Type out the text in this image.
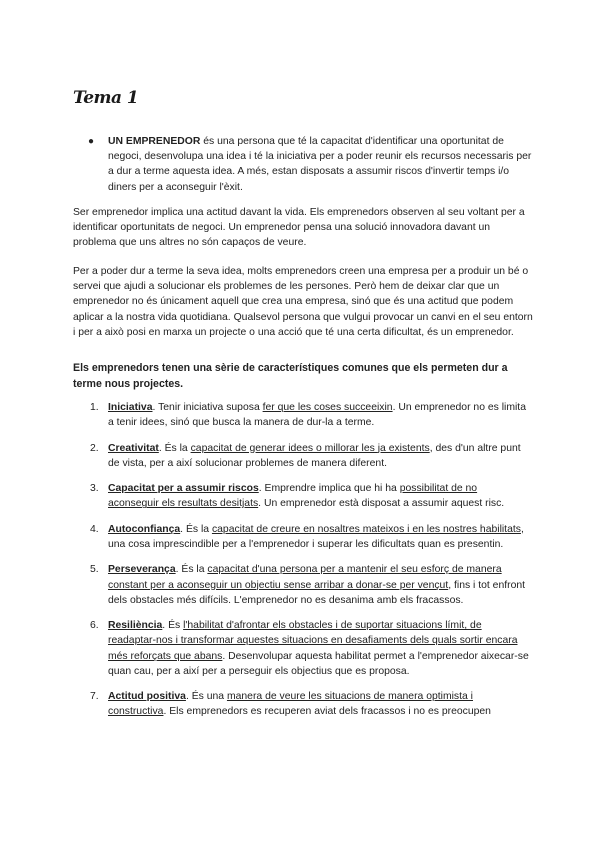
Tema 1
● UN EMPRENEDOR és una persona que té la capacitat d'identificar una oportunitat de negoci, desenvolupa una idea i té la iniciativa per a poder reunir els recursos necessaris per a dur a terme aquesta idea. A més, estan disposats a assumir riscos d'invertir temps i/o diners per a aconseguir l'èxit.
Ser emprenedor implica una actitud davant la vida. Els emprenedors observen al seu voltant per a identificar oportunitats de negoci. Un emprenedor pensa una solució innovadora davant un problema que uns altres no són capaços de veure.
Per a poder dur a terme la seva idea, molts emprenedors creen una empresa per a produir un bé o servei que ajudi a solucionar els problemes de les persones. Però hem de deixar clar que un emprenedor no és únicament aquell que crea una empresa, sinó que és una actitud que podem aplicar a la nostra vida quotidiana. Qualsevol persona que vulgui provocar un canvi en el seu entorn i per a això posi en marxa un projecte o una acció que té una certa dificultat, és un emprenedor.
Els emprenedors tenen una sèrie de característiques comunes que els permeten dur a terme nous projectes.
1. Iniciativa. Tenir iniciativa suposa fer que les coses succeeixin. Un emprenedor no es limita a tenir idees, sinó que busca la manera de dur-la a terme.
2. Creativitat. És la capacitat de generar idees o millorar les ja existents, des d'un altre punt de vista, per a així solucionar problemes de manera diferent.
3. Capacitat per a assumir riscos. Emprendre implica que hi ha possibilitat de no aconseguir els resultats desitjats. Un emprenedor està disposat a assumir aquest risc.
4. Autoconfiança. És la capacitat de creure en nosaltres mateixos i en les nostres habilitats, una cosa imprescindible per a l'emprenedor i superar les dificultats quan es presentin.
5. Perseverança. És la capacitat d'una persona per a mantenir el seu esforç de manera constant per a aconseguir un objectiu sense arribar a donar-se per vençut, fins i tot enfront dels obstacles més difícils. L'emprenedor no es desanima amb els fracassos.
6. Resiliència. És l'habilitat d'afrontar els obstacles i de suportar situacions límit, de readaptar-nos i transformar aquestes situacions en desafiaments dels quals sortir encara més reforçats que abans. Desenvolupar aquesta habilitat permet a l'emprenedor aixecar-se quan cau, per a així per a perseguir els objectius que es proposa.
7. Actitud positiva. És una manera de veure les situacions de manera optimista i constructiva. Els emprenedors es recuperen aviat dels fracassos i no es preocupen
